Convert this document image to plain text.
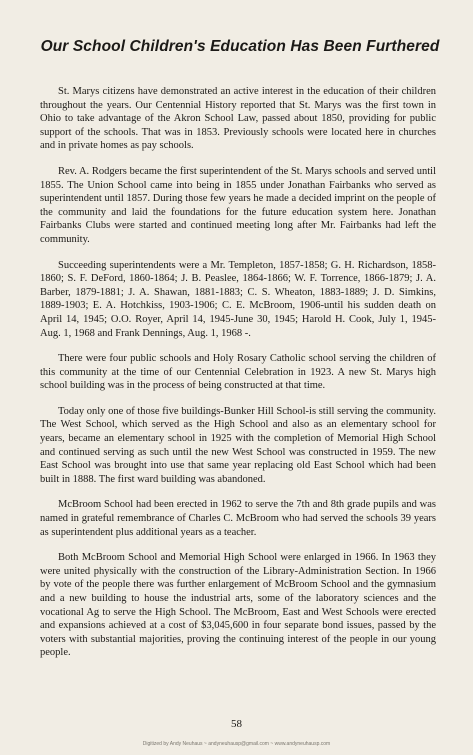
Our School Children's Education Has Been Furthered

St. Marys citizens have demonstrated an active interest in the education of their children throughout the years. Our Centennial History reported that St. Marys was the first town in Ohio to take advantage of the Akron School Law, passed about 1850, providing for public support of the schools. That was in 1853. Previously schools were located here in churches and in private homes as pay schools.

Rev. A. Rodgers became the first superintendent of the St. Marys schools and served until 1855. The Union School came into being in 1855 under Jonathan Fairbanks who served as superintendent until 1857. During those few years he made a decided imprint on the people of the community and laid the foundations for the future education system here. Jonathan Fairbanks Clubs were started and continued meeting long after Mr. Fairbanks had left the community.

Succeeding superintendents were a Mr. Templeton, 1857-1858; G. H. Richardson, 1858-1860; S. F. DeFord, 1860-1864; J. B. Peaslee, 1864-1866; W. F. Torrence, 1866-1879; J. A. Barber, 1879-1881; J. A. Shawan, 1881-1883; C. S. Wheaton, 1883-1889; J. D. Simkins, 1889-1903; E. A. Hotchkiss, 1903-1906; C. E. McBroom, 1906-until his sudden death on April 14, 1945; O.O. Royer, April 14, 1945-June 30, 1945; Harold H. Cook, July 1, 1945-Aug. 1, 1968 and Frank Dennings, Aug. 1, 1968 -.

There were four public schools and Holy Rosary Catholic school serving the children of this community at the time of our Centennial Celebration in 1923. A new St. Marys high school building was in the process of being constructed at that time.

Today only one of those five buildings-Bunker Hill School-is still serving the community. The West School, which served as the High School and also as an elementary school for years, became an elementary school in 1925 with the completion of Memorial High School and continued serving as such until the new West School was constructed in 1959. The new East School was brought into use that same year replacing old East School which had been built in 1888. The first ward building was abandoned.

McBroom School had been erected in 1962 to serve the 7th and 8th grade pupils and was named in grateful remembrance of Charles C. McBroom who had served the schools 39 years as superintendent plus additional years as a teacher.

Both McBroom School and Memorial High School were enlarged in 1966. In 1963 they were united physically with the construction of the Library-Administration Section. In 1966 by vote of the people there was further enlargement of McBroom School and the gymnasium and a new building to house the industrial arts, some of the laboratory sciences and the vocational Ag to serve the High School. The McBroom, East and West Schools were erected and expansions achieved at a cost of $3,045,600 in four separate bond issues, passed by the voters with substantial majorities, proving the continuing interest of the people in our young people.

58
Digitized by Andy Neuhaus ~ andyneuhausp@gmail.com ~ www.andyneuhausp.com
